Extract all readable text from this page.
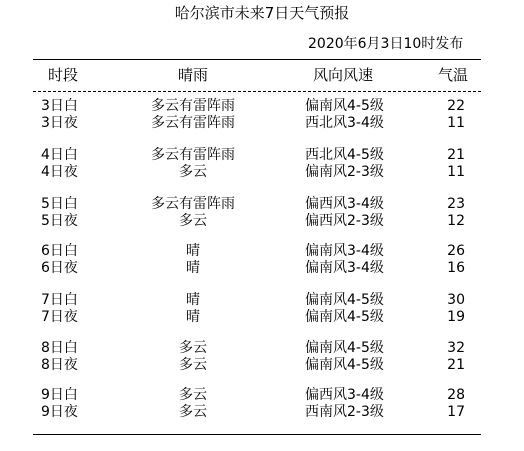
哈尔滨市未来7日天气预报
2020年6月3日10时发布
时段	晴雨	风向风速	气温
3日白	多云有雷阵雨	偏南风4-5级	22
3日夜	多云有雷阵雨	西北风3-4级	11
4日白	多云有雷阵雨	西北风4-5级	21
4日夜	多云	偏南风2-3级	11
5日白	多云有雷阵雨	偏西风3-4级	23
5日夜	多云	偏西风2-3级	12
6日白	晴	偏南风3-4级	26
6日夜	晴	偏南风3-4级	16
7日白	晴	偏南风4-5级	30
7日夜	晴	偏南风4-5级	19
8日白	多云	偏南风4-5级	32
8日夜	多云	偏南风4-5级	21
9日白	多云	偏西风3-4级	28
9日夜	多云	西南风2-3级	17
